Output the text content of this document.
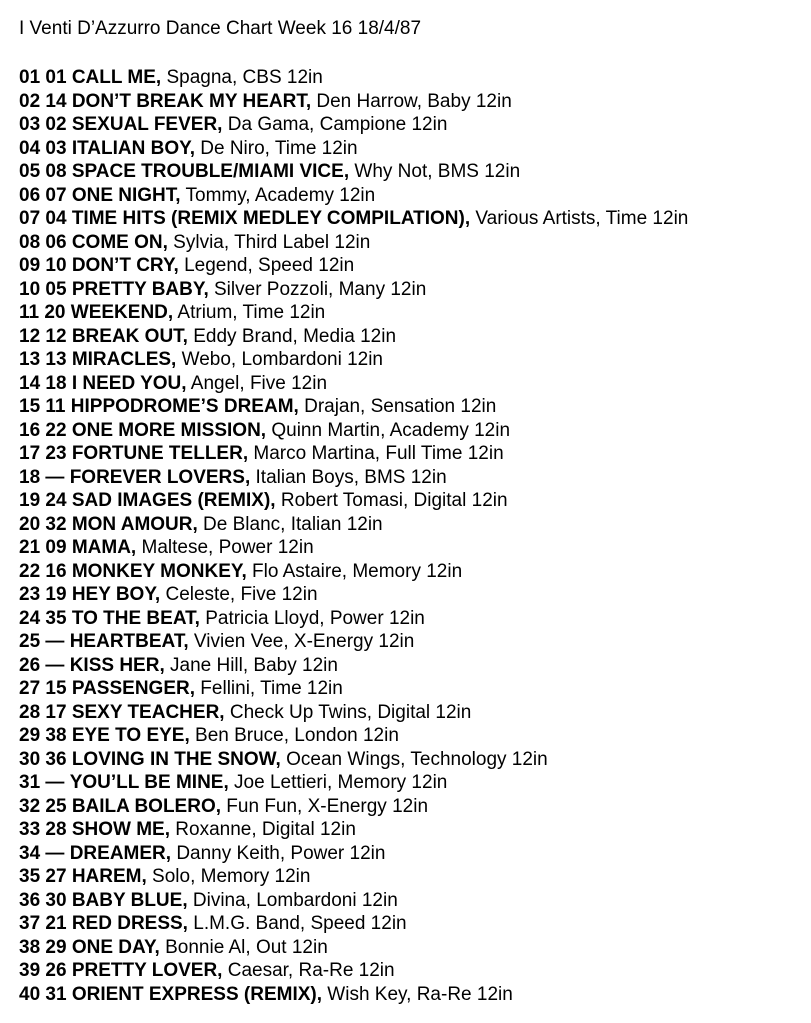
I Venti D’Azzurro Dance Chart Week 16 18/4/87
01 01 CALL ME, Spagna, CBS 12in
02 14 DON’T BREAK MY HEART, Den Harrow, Baby 12in
03 02 SEXUAL FEVER, Da Gama, Campione 12in
04 03 ITALIAN BOY, De Niro, Time 12in
05 08 SPACE TROUBLE/MIAMI VICE, Why Not, BMS 12in
06 07 ONE NIGHT, Tommy, Academy 12in
07 04 TIME HITS (REMIX MEDLEY COMPILATION), Various Artists, Time 12in
08 06 COME ON, Sylvia, Third Label 12in
09 10 DON’T CRY, Legend, Speed 12in
10 05 PRETTY BABY, Silver Pozzoli, Many 12in
11 20 WEEKEND, Atrium, Time 12in
12 12 BREAK OUT, Eddy Brand, Media 12in
13 13 MIRACLES, Webo, Lombardoni 12in
14 18 I NEED YOU, Angel, Five 12in
15 11 HIPPODROME’S DREAM, Drajan, Sensation 12in
16 22 ONE MORE MISSION, Quinn Martin, Academy 12in
17 23 FORTUNE TELLER, Marco Martina, Full Time 12in
18 — FOREVER LOVERS, Italian Boys, BMS 12in
19 24 SAD IMAGES (REMIX), Robert Tomasi, Digital 12in
20 32 MON AMOUR, De Blanc, Italian 12in
21 09 MAMA, Maltese, Power 12in
22 16 MONKEY MONKEY, Flo Astaire, Memory 12in
23 19 HEY BOY, Celeste, Five 12in
24 35 TO THE BEAT, Patricia Lloyd, Power 12in
25 — HEARTBEAT, Vivien Vee, X-Energy 12in
26 — KISS HER, Jane Hill, Baby 12in
27 15 PASSENGER, Fellini, Time 12in
28 17 SEXY TEACHER, Check Up Twins, Digital 12in
29 38 EYE TO EYE, Ben Bruce, London 12in
30 36 LOVING IN THE SNOW, Ocean Wings, Technology 12in
31 — YOU’LL BE MINE, Joe Lettieri, Memory 12in
32 25 BAILA BOLERO, Fun Fun, X-Energy 12in
33 28 SHOW ME, Roxanne, Digital 12in
34 — DREAMER, Danny Keith, Power 12in
35 27 HAREM, Solo, Memory 12in
36 30 BABY BLUE, Divina, Lombardoni 12in
37 21 RED DRESS, L.M.G. Band, Speed 12in
38 29 ONE DAY, Bonnie Al, Out 12in
39 26 PRETTY LOVER, Caesar, Ra-Re 12in
40 31 ORIENT EXPRESS (REMIX), Wish Key, Ra-Re 12in
